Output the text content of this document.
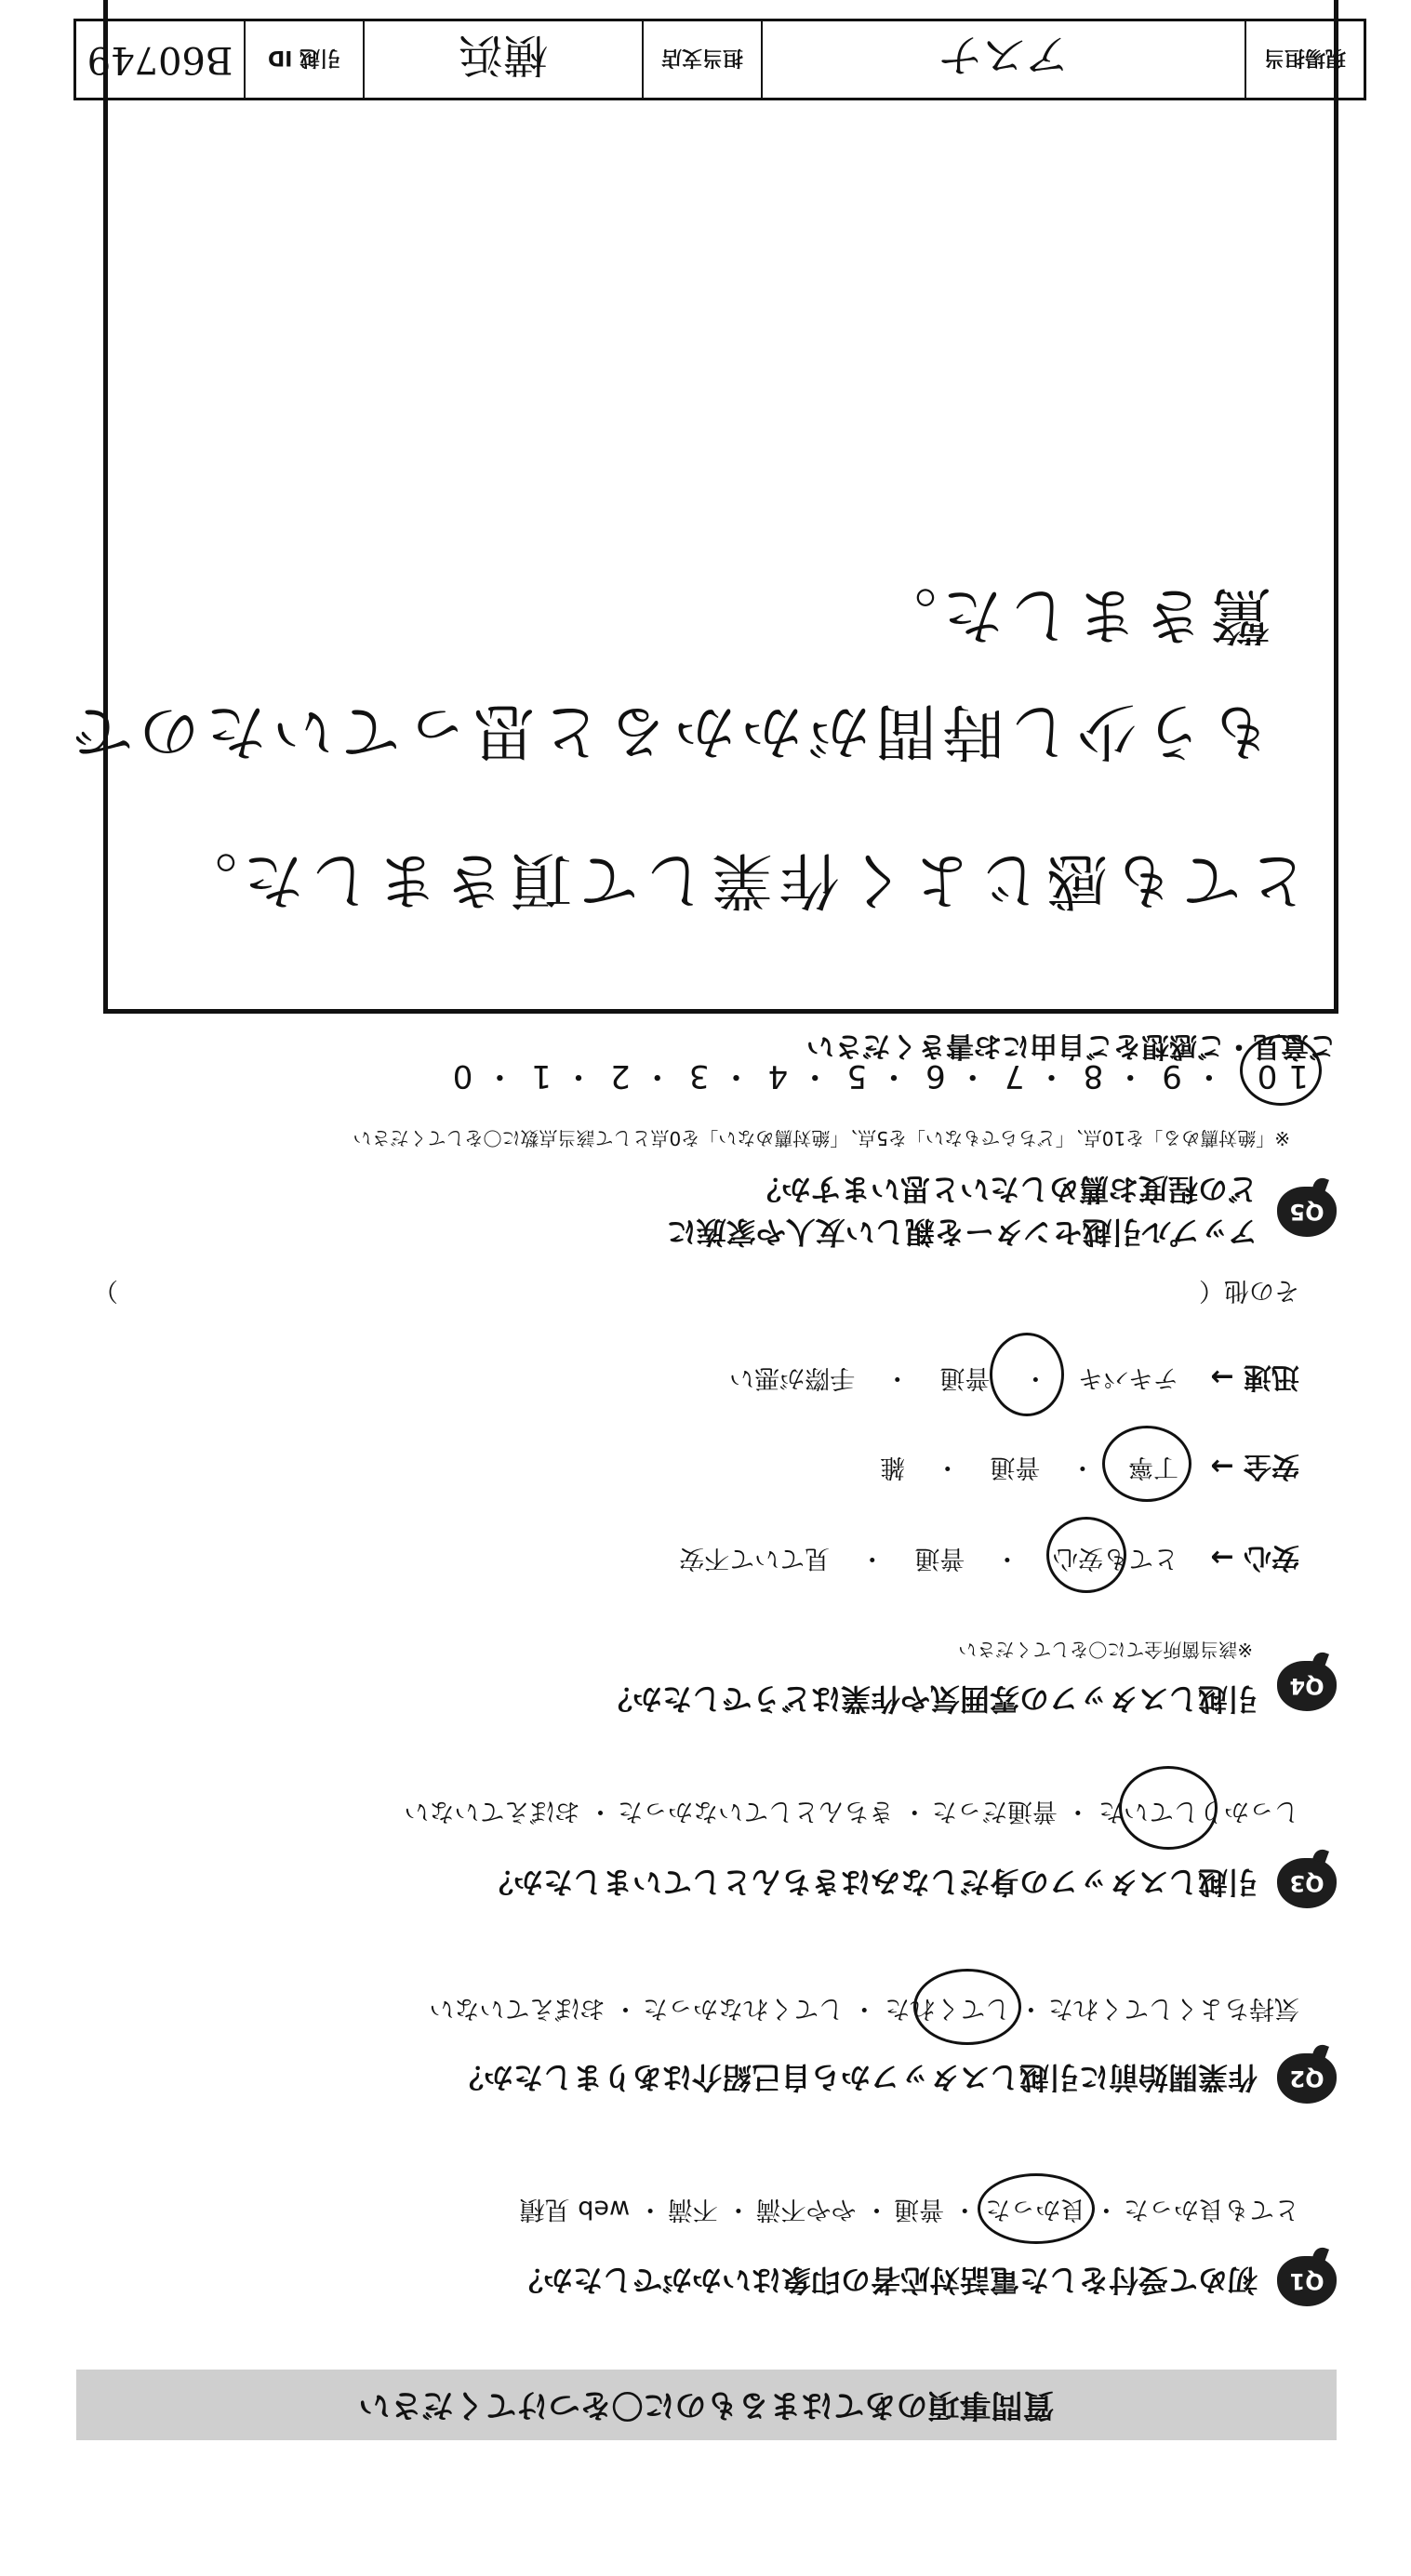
質問事項のあてはまるものに〇をつけてください
Q1
初めて受付をした電話対応者の印象はいかがでしたか？
とても良かった ・ 良かった
・ 普通 ・ やや不満 ・ 不満 ・ web 見積
Q2
作業開始前に引越しスタッフから自己紹介はありましたか？
気持ちよくしてくれた ・ してくれた
・ してくれなかった ・ おぼえていない
Q3
引越しスタッフの身だしなみはきちんとしていましたか？
しっかりしていた
・ 普通だった ・ きちんとしていなかった ・ おぼえていない
Q4
引越しスタッフの雰囲気や作業はどうでしたか？
※該当箇所全てに〇をしてください
安心 →
とても安心
　・　 普通 　・　 見ていて不安
安全 →
丁寧
　・　 普通 　・　 雑
迅速 →
テキパキ 　・　
普通 　・　 手際が悪い
その他（
）
Q5
アップル引越センターを親しい友人や家族に
どの程度お薦めしたいと思いますか？
※「絶対薦める」を10点、「どちらでもない」を5点、「絶対薦めない」を0点として該当点数に〇をしてください
10
・9 ・8 ・7 ・6 ・5 ・4 ・3 ・2 ・1 ・0
ご意見・ご感想をご自由にお書きください
とても感じよく作業して頂きました。
もう少し時間がかかると思っていたので
驚きました。
現場担当
アスナ
担当支店
横浜
引越 ID
B60749
